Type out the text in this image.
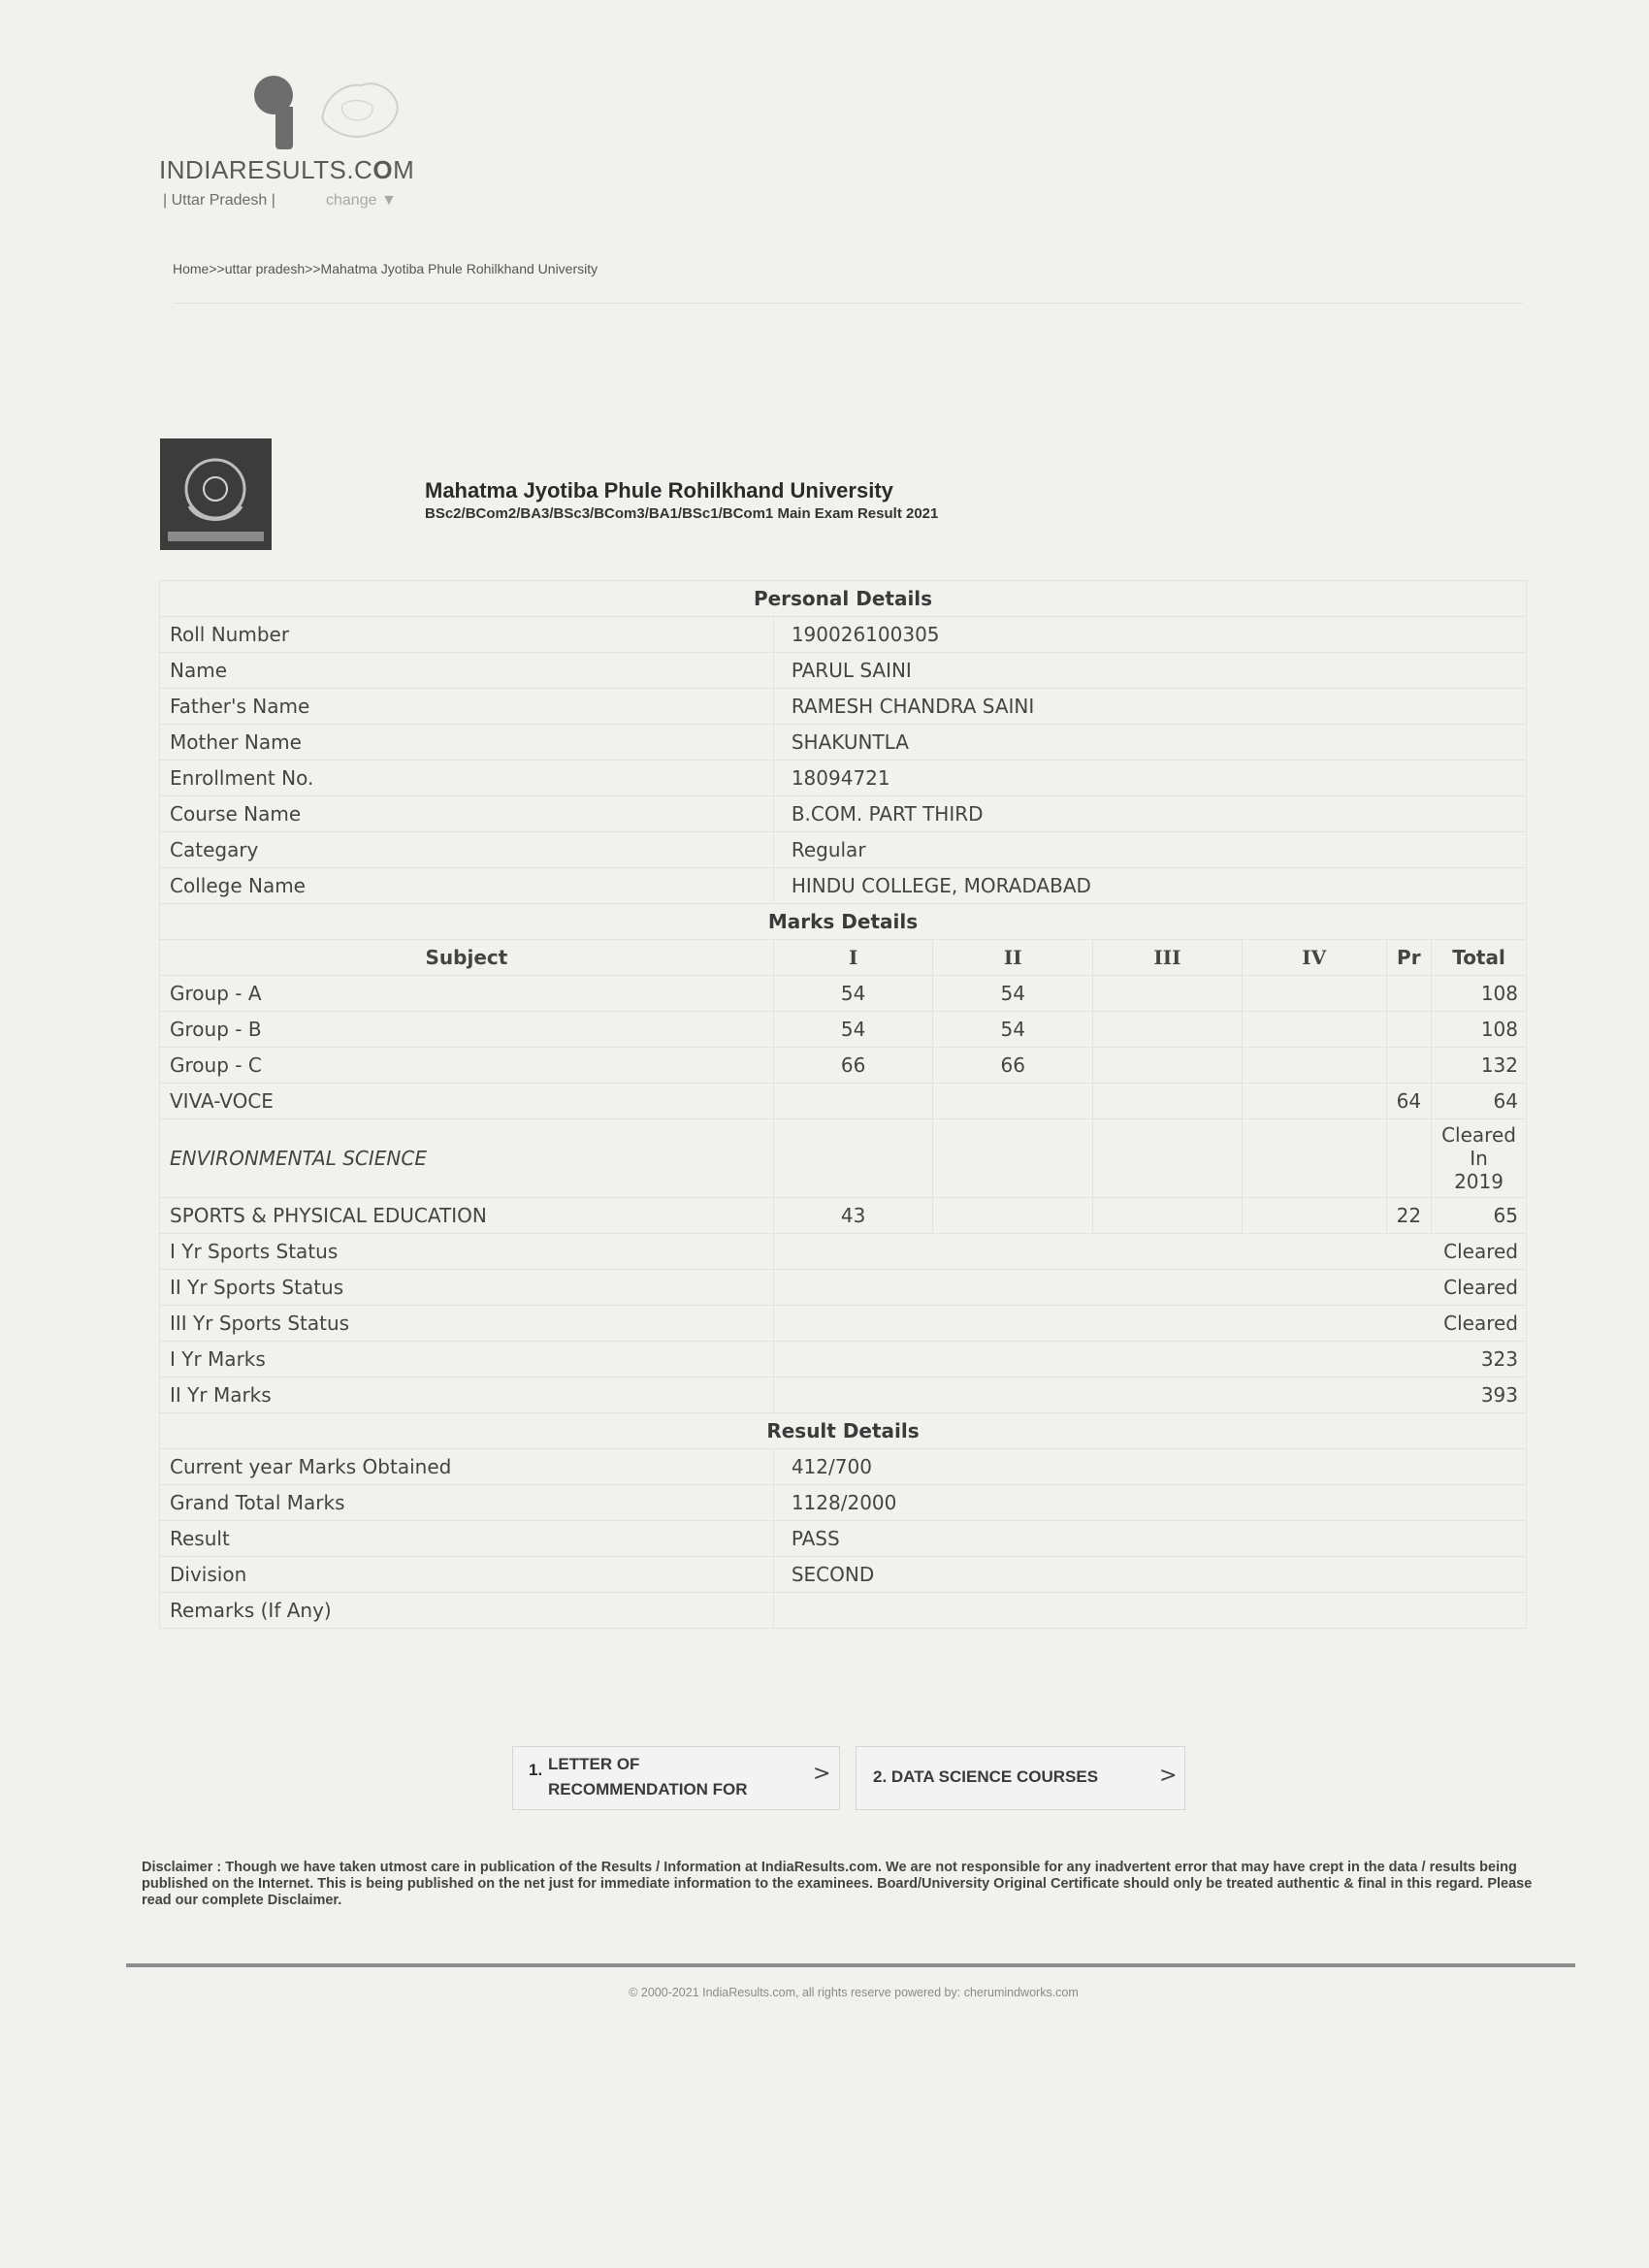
INDIARESULTS.COM
| Uttar Pradesh |	change ▼
Home>>uttar pradesh>>Mahatma Jyotiba Phule Rohilkhand University
Mahatma Jyotiba Phule Rohilkhand University
BSc2/BCom2/BA3/BSc3/BCom3/BA1/BSc1/BCom1 Main Exam Result 2021
Personal Details						
Roll Number	190026100305					
Name	PARUL SAINI					
Father's Name	RAMESH CHANDRA SAINI					
Mother Name	SHAKUNTLA					
Enrollment No.	18094721					
Course Name	B.COM. PART THIRD					
Categary	Regular					
College Name	HINDU COLLEGE, MORADABAD					
Marks Details						
Subject	I	II	III	IV	Pr	Total
Group - A	54	54				108
Group - B	54	54				108
Group - C	66	66				132
VIVA-VOCE					64	64
ENVIRONMENTAL SCIENCE						Cleared
In
2019

SPORTS & PHYSICAL EDUCATION	43				22	65
I Yr Sports Status	Cleared					
II Yr Sports Status	Cleared					
III Yr Sports Status	Cleared					
I Yr Marks	323					
II Yr Marks	393					
Result Details						
Current year Marks Obtained	412/700					
Grand Total Marks	1128/2000					
Result	PASS					
Division	SECOND					
Remarks (If Any)						
1. LETTER OF RECOMMENDATION FOR
>	2. DATA SCIENCE COURSES	>
Disclaimer : Though we have taken utmost care in publication of the Results / Information at IndiaResults.com. We are not responsible for any inadvertent error that may have crept in the data / results being published on the Internet. This is being published on the net just for immediate information to the examinees. Board/University Original Certificate should only be treated authentic & final in this regard. Please read our complete Disclaimer.
© 2000-2021 IndiaResults.com, all rights reserve powered by: cherumindworks.com
